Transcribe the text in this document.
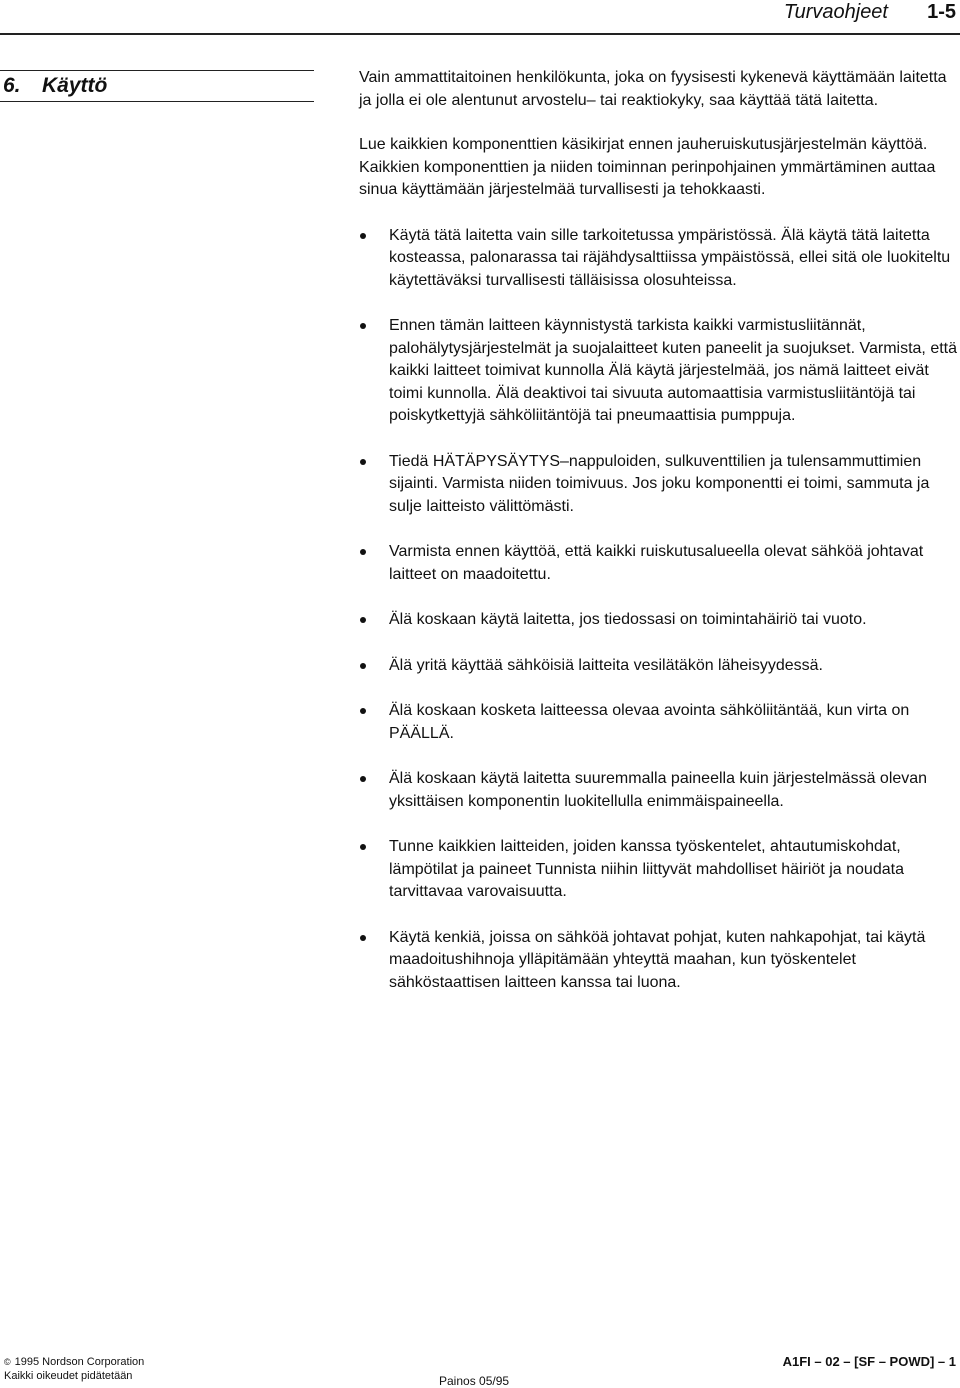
Turvaohjeet 1-5
6. Käyttö	Vain ammattitaitoinen henkilökunta, joka on fyysisesti kykenevä käyttämään laitetta ja jolla ei ole alentunut arvostelu– tai reaktiokyky, saa käyttää tätä laitetta.

Lue kaikkien komponenttien käsikirjat ennen jauheruiskutusjärjestelmän käyttöä. Kaikkien komponenttien ja niiden toiminnan perinpohjainen ymmärtäminen auttaa sinua käyttämään järjestelmää turvallisesti ja tehokkaasti.

Käytä tätä laitetta vain sille tarkoitetussa ympäristössä. Älä käytä tätä laitetta kosteassa, palonarassa tai räjähdysalttiissa ympäistössä, ellei sitä ole luokiteltu käytettäväksi turvallisesti tälläisissa olosuhteissa.
Ennen tämän laitteen käynnistystä tarkista kaikki varmistusliitännät, palohälytysjärjestelmät ja suojalaitteet kuten paneelit ja suojukset. Varmista, että kaikki laitteet toimivat kunnolla Älä käytä järjestelmää, jos nämä laitteet eivät toimi kunnolla. Älä deaktivoi tai sivuuta automaattisia varmistusliitäntöjä tai poiskytkettyjä sähköliitäntöjä tai pneumaattisia pumppuja.
Tiedä HÄTÄPYSÄYTYS–nappuloiden, sulkuventtilien ja tulensammuttimien sijainti. Varmista niiden toimivuus. Jos joku komponentti ei toimi, sammuta ja sulje laitteisto välittömästi.
Varmista ennen käyttöä, että kaikki ruiskutusalueella olevat sähköä johtavat laitteet on maadoitettu.
Älä koskaan käytä laitetta, jos tiedossasi on toimintahäiriö tai vuoto.
Älä yritä käyttää sähköisiä laitteita vesilätäkön läheisyydessä.
Älä koskaan kosketa laitteessa olevaa avointa sähköliitäntää, kun virta on PÄÄLLÄ.
Älä koskaan käytä laitetta suuremmalla paineella kuin järjestelmässä olevan yksittäisen komponentin luokitellulla enimmäispaineella.
Tunne kaikkien laitteiden, joiden kanssa työskentelet, ahtautumiskohdat, lämpötilat ja paineet Tunnista niihin liittyvät mahdolliset häiriöt ja noudata tarvittavaa varovaisuutta.
Käytä kenkiä, joissa on sähköä johtavat pohjat, kuten nahkapohjat, tai käytä maadoitushihnoja ylläpitämään yhteyttä maahan, kun työskentelet sähköstaattisen laitteen kanssa tai luona.
© 1995 Nordson Corporation
Kaikki oikeudet pidätetään	Painos 05/95
A1FI – 02 – [SF – POWD] – 1
